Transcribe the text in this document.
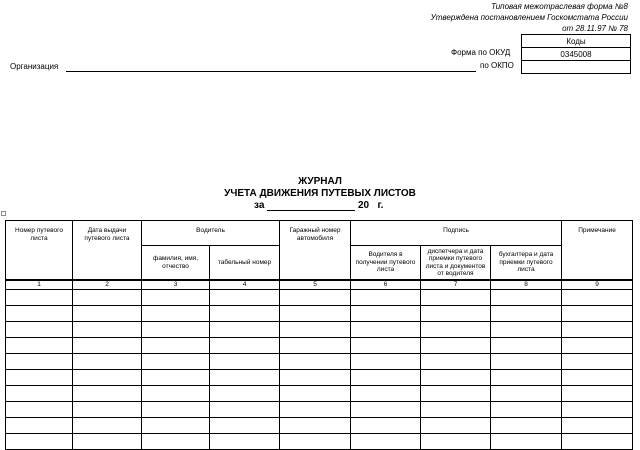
Типовая межотраслевая форма №8
Утверждена постановлением Госкомстата России
от 28.11.97 № 78
Коды
0345008

Форма по ОКУД
по ОКПО
Организация
ЖУРНАЛ
УЧЕТА ДВИЖЕНИЯ ПУТЕВЫХ ЛИСТОВ
за	20 г.
Номер путевого листа	Дата выдачи путевого листа	Водитель		Гаражный номер автомобиля	Подпись			Примечание
		фамилия, имя, отчество	табельный номер		Водителя в получении путевого листа	диспетчера и дата приемки путевого листа и документов от водителя	бухгалтера и дата приемки путевого листа	
1	2	3	4	5	6	7	8	9
